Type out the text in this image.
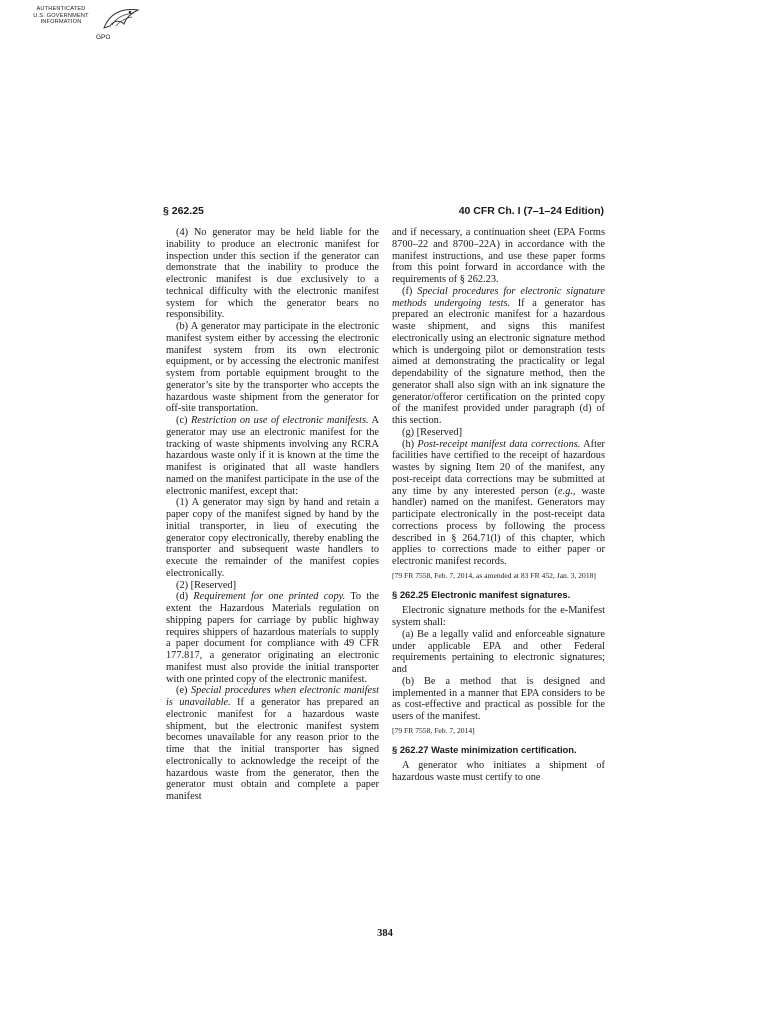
AUTHENTICATED
U.S. GOVERNMENT
INFORMATION
GPO
§ 262.25	40 CFR Ch. I (7–1–24 Edition)

(4) No generator may be held liable for the inability to produce an electronic manifest for inspection under this section if the generator can demonstrate that the inability to produce the electronic manifest is due exclusively to a technical difficulty with the electronic manifest system for which the generator bears no responsibility.

(b) A generator may participate in the electronic manifest system either by accessing the electronic manifest system from its own electronic equipment, or by accessing the electronic manifest system from portable equipment brought to the generator’s site by the transporter who accepts the hazardous waste shipment from the generator for off-site transportation.

(c) Restriction on use of electronic manifests. A generator may use an electronic manifest for the tracking of waste shipments involving any RCRA hazardous waste only if it is known at the time the manifest is originated that all waste handlers named on the manifest participate in the use of the electronic manifest, except that:

(1) A generator may sign by hand and retain a paper copy of the manifest signed by hand by the initial transporter, in lieu of executing the generator copy electronically, thereby enabling the transporter and subsequent waste handlers to execute the remainder of the manifest copies electronically.

(2) [Reserved]

(d) Requirement for one printed copy. To the extent the Hazardous Materials regulation on shipping papers for carriage by public highway requires shippers of hazardous materials to supply a paper document for compliance with 49 CFR 177.817, a generator originating an electronic manifest must also provide the initial transporter with one printed copy of the electronic manifest.

(e) Special procedures when electronic manifest is unavailable. If a generator has prepared an electronic manifest for a hazardous waste shipment, but the electronic manifest system becomes unavailable for any reason prior to the time that the initial transporter has signed electronically to acknowledge the receipt of the hazardous waste from the generator, then the generator must obtain and complete a paper manifest

and if necessary, a continuation sheet (EPA Forms 8700–22 and 8700–22A) in accordance with the manifest instructions, and use these paper forms from this point forward in accordance with the requirements of § 262.23.

(f) Special procedures for electronic signature methods undergoing tests. If a generator has prepared an electronic manifest for a hazardous waste shipment, and signs this manifest electronically using an electronic signature method which is undergoing pilot or demonstration tests aimed at demonstrating the practicality or legal dependability of the signature method, then the generator shall also sign with an ink signature the generator/offeror certification on the printed copy of the manifest provided under paragraph (d) of this section.

(g) [Reserved]

(h) Post-receipt manifest data corrections. After facilities have certified to the receipt of hazardous wastes by signing Item 20 of the manifest, any post-receipt data corrections may be submitted at any time by any interested person (e.g., waste handler) named on the manifest. Generators may participate electronically in the post-receipt data corrections process by following the process described in § 264.71(l) of this chapter, which applies to corrections made to either paper or electronic manifest records.

[79 FR 7558, Feb. 7, 2014, as amended at 83 FR 452, Jan. 3, 2018]

§ 262.25 Electronic manifest signatures.

Electronic signature methods for the e-Manifest system shall:

(a) Be a legally valid and enforceable signature under applicable EPA and other Federal requirements pertaining to electronic signatures; and

(b) Be a method that is designed and implemented in a manner that EPA considers to be as cost-effective and practical as possible for the users of the manifest.

[79 FR 7558, Feb. 7, 2014]

§ 262.27 Waste minimization certification.

A generator who initiates a shipment of hazardous waste must certify to one

384
